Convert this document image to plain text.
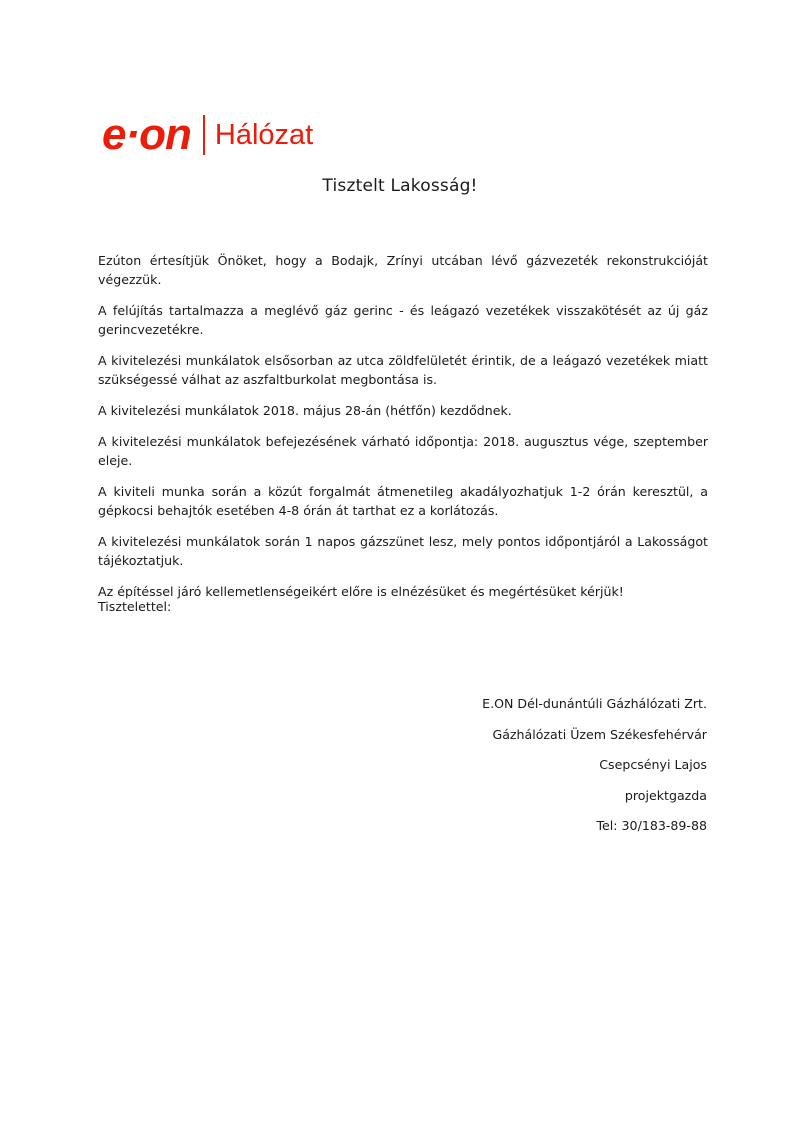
e·on Hálózat
Tisztelt Lakosság!

Ezúton értesítjük Önöket, hogy a Bodajk, Zrínyi utcában lévő gázvezeték rekonstrukcióját végezzük.

A felújítás tartalmazza a meglévő gáz gerinc - és leágazó vezetékek visszakötését az új gáz gerincvezetékre.

A kivitelezési munkálatok elsősorban az utca zöldfelületét érintik, de a leágazó vezetékek miatt szükségessé válhat az aszfaltburkolat megbontása is.

A kivitelezési munkálatok 2018. május 28-án (hétfőn) kezdődnek.

A kivitelezési munkálatok befejezésének várható időpontja: 2018. augusztus vége, szeptember eleje.

A kiviteli munka során a közút forgalmát átmenetileg akadályozhatjuk 1-2 órán keresztül, a gépkocsi behajtók esetében 4-8 órán át tarthat ez a korlátozás.

A kivitelezési munkálatok során 1 napos gázszünet lesz, mely pontos időpontjáról a Lakosságot tájékoztatjuk.

Az építéssel járó kellemetlenségeikért előre is elnézésüket és megértésüket kérjük!

Tisztelettel:
E.ON Dél-dunántúli Gázhálózati Zrt.
Gázhálózati Üzem Székesfehérvár
Csepcsényi Lajos
projektgazda
Tel: 30/183-89-88
